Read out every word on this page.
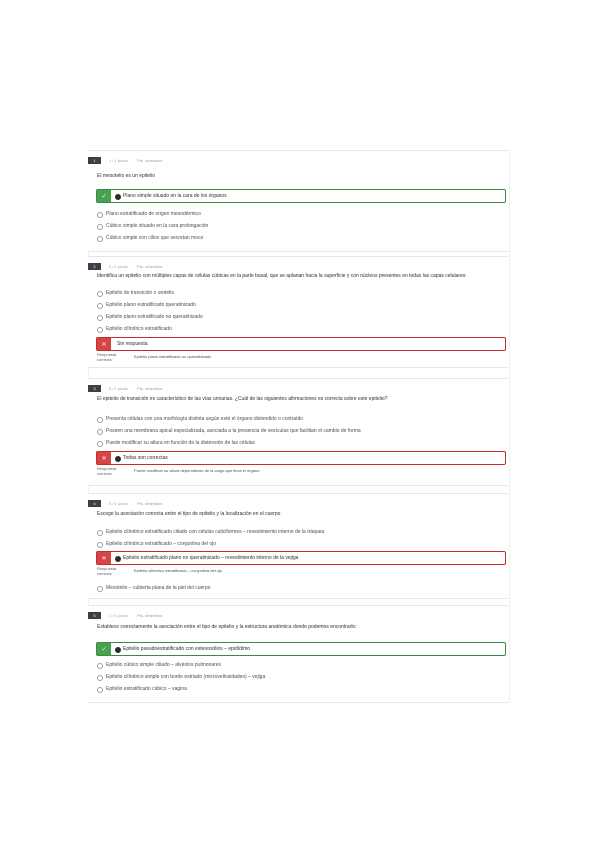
1	1 / 1 punto Pts. obtenidos
El mesotelio es un epitelio
✓	Plano simple situado en la cara de los órganos
Plano estratificado de origen mesodérmico
Cúbico simple situado en la cara prolongación
Cúbico simple con cilios que secretan moco
2	0 / 1 punto Pts. obtenidos
Identifica un epitelio con múltiples capas de células cúbicas en la parte basal, que se aplanan hacia la superficie y con núcleos presentes en todas las capas celulares:
Epitelio de transición o urotelio
Epitelio plano estratificado queratinizado
Epitelio plano estratificado no queratinizado
Epitelio cilíndrico estratificado
✕	Sin respuesta
Respuesta correcta:
Epitelio plano estratificado no queratinizado
3	0 / 1 punto Pts. obtenidos
El epitelio de transición es característico de las vías urinarias. ¿Cuál de las siguientes afirmaciones es correcta sobre este epitelio?
Presenta células con una morfología distinta según esté el órgano distendido o contraído
Poseen una membrana apical especializada, asociada a la presencia de vesículas que facilitan el cambio de forma
Puede modificar su altura en función de la distensión de las células
✕	Todas son correctas
Respuesta correcta:
Puede modificar su altura dependiendo de la carga que lleva el órgano
4	0 / 1 punto Pts. obtenidos
Escoge la asociación correcta entre el tipo de epitelio y la localización en el cuerpo
Epitelio cilíndrico estratificado ciliado con células caliciformes – revestimiento interno de la tráquea
Epitelio cilíndrico estratificado – conjuntiva del ojo
✕	Epitelio estratificado plano no queratinizado – revestimiento interno de la vejiga
Respuesta correcta:
Epitelio cilíndrico estratificado – conjuntiva del ojo
Mesotelio – cubierta plana de la piel del cuerpo
5	1 / 1 punto Pts. obtenidos
Establece correctamente la asociación entre el tipo de epitelio y la estructura anatómica donde podemos encontrarlo:
✓	Epitelio pseudoestratificado con estereocilios – epidídimo
Epitelio cúbico simple ciliado – alvéolos pulmonares
Epitelio cilíndrico simple con borde estriado (microvellosidades) – vejiga
Epitelio estratificado cúbico – vagina
